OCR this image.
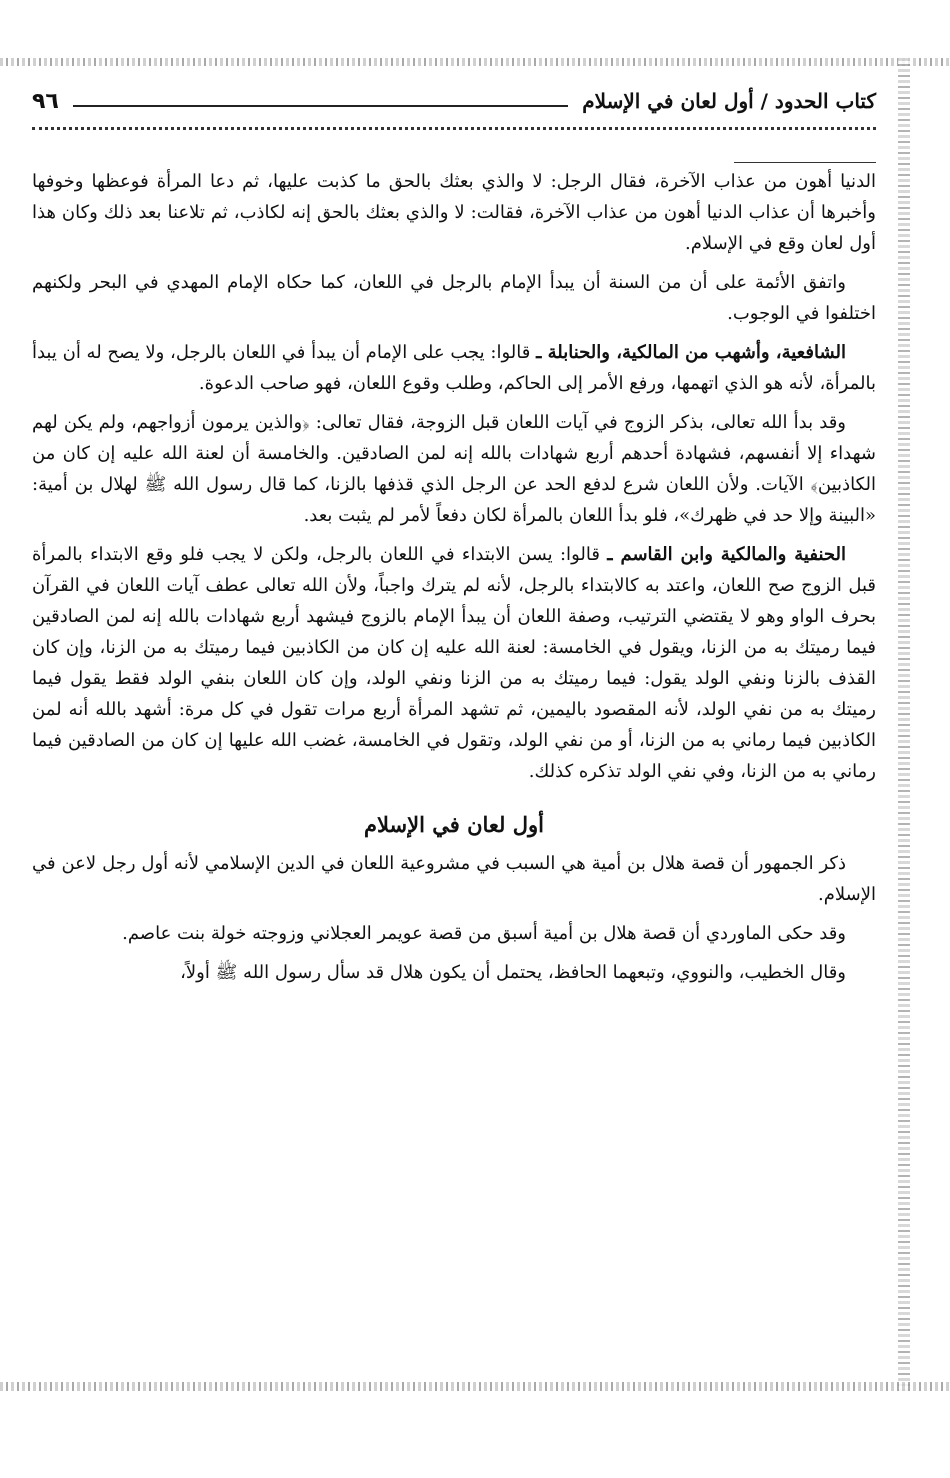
كتاب الحدود / أول لعان في الإسلام
٩٦

الدنيا أهون من عذاب الآخرة، فقال الرجل: لا والذي بعثك بالحق ما كذبت عليها، ثم دعا المرأة فوعظها وخوفها وأخبرها أن عذاب الدنيا أهون من عذاب الآخرة، فقالت: لا والذي بعثك بالحق إنه لكاذب، ثم تلاعنا بعد ذلك وكان هذا أول لعان وقع في الإسلام.

واتفق الأئمة على أن من السنة أن يبدأ الإمام بالرجل في اللعان، كما حكاه الإمام المهدي في البحر ولكنهم اختلفوا في الوجوب.

الشافعية، وأشهب من المالكية، والحنابلة ـ قالوا: يجب على الإمام أن يبدأ في اللعان بالرجل، ولا يصح له أن يبدأ بالمرأة، لأنه هو الذي اتهمها، ورفع الأمر إلى الحاكم، وطلب وقوع اللعان، فهو صاحب الدعوة.

وقد بدأ الله تعالى، بذكر الزوج في آيات اللعان قبل الزوجة، فقال تعالى: ﴿والذين يرمون أزواجهم، ولم يكن لهم شهداء إلا أنفسهم، فشهادة أحدهم أربع شهادات بالله إنه لمن الصادقين. والخامسة أن لعنة الله عليه إن كان من الكاذبين﴾ الآيات. ولأن اللعان شرع لدفع الحد عن الرجل الذي قذفها بالزنا، كما قال رسول الله ﷺ لهلال بن أمية: «البينة وإلا حد في ظهرك»، فلو بدأ اللعان بالمرأة لكان دفعاً لأمر لم يثبت بعد.

الحنفية والمالكية وابن القاسم ـ قالوا: يسن الابتداء في اللعان بالرجل، ولكن لا يجب فلو وقع الابتداء بالمرأة قبل الزوج صح اللعان، واعتد به كالابتداء بالرجل، لأنه لم يترك واجباً، ولأن الله تعالى عطف آيات اللعان في القرآن بحرف الواو وهو لا يقتضي الترتيب، وصفة اللعان أن يبدأ الإمام بالزوج فيشهد أربع شهادات بالله إنه لمن الصادقين فيما رميتك به من الزنا، ويقول في الخامسة: لعنة الله عليه إن كان من الكاذبين فيما رميتك به من الزنا، وإن كان القذف بالزنا ونفي الولد يقول: فيما رميتك به من الزنا ونفي الولد، وإن كان اللعان بنفي الولد فقط يقول فيما رميتك به من نفي الولد، لأنه المقصود باليمين، ثم تشهد المرأة أربع مرات تقول في كل مرة: أشهد بالله أنه لمن الكاذبين فيما رماني به من الزنا، أو من نفي الولد، وتقول في الخامسة، غضب الله عليها إن كان من الصادقين فيما رماني به من الزنا، وفي نفي الولد تذكره كذلك.

أول لعان في الإسلام

ذكر الجمهور أن قصة هلال بن أمية هي السبب في مشروعية اللعان في الدين الإسلامي لأنه أول رجل لاعن في الإسلام.

وقد حكى الماوردي أن قصة هلال بن أمية أسبق من قصة عويمر العجلاني وزوجته خولة بنت عاصم.

وقال الخطيب، والنووي، وتبعهما الحافظ، يحتمل أن يكون هلال قد سأل رسول الله ﷺ أولاً،
